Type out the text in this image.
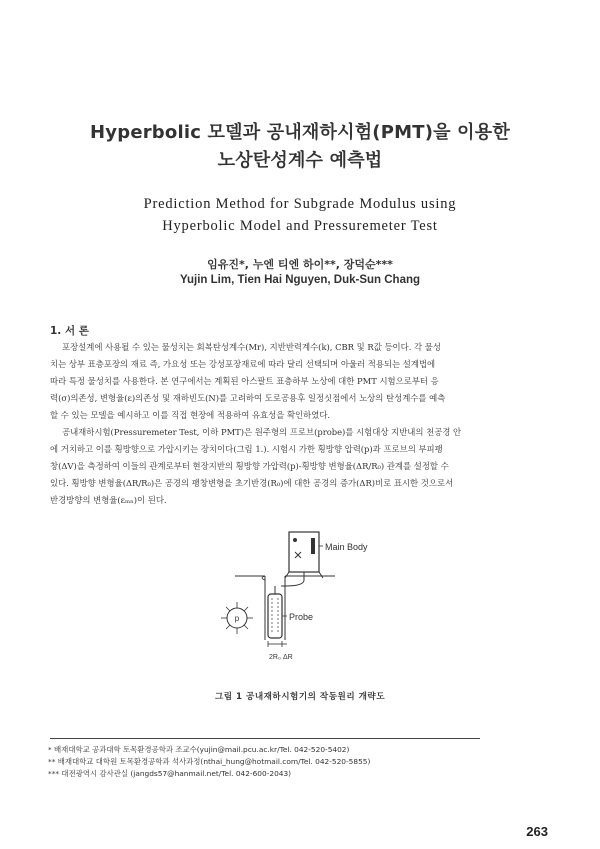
Hyperbolic 모델과 공내재하시험(PMT)을 이용한
노상탄성계수 예측법
Prediction Method for Subgrade Modulus using
Hyperbolic Model and Pressuremeter Test
임유진*, 누엔 티엔 하이**, 장덕순***
Yujin Lim, Tien Hai Nguyen, Duk-Sun Chang
1. 서 론
포장설계에 사용될 수 있는 물성치는 회복탄성계수(Mr), 지반반력계수(k), CBR 및 R값 등이다. 각 물성
치는 상부 표층포장의 재료 즉, 가요성 또는 강성포장재료에 따라 달리 선택되며 아울러 적용되는 설계법에
따라 특정 물성치를 사용한다. 본 연구에서는 계획된 아스팔트 표층하부 노상에 대한 PMT 시험으로부터 응
력(σ)의존성, 변형율(ε)의존성 및 재하빈도(N)를 고려하여 도로공용후 일정싯점에서 노상의 탄성계수를 예측
할 수 있는 모델을 예시하고 이를 직접 현장에 적용하여 유효성을 확인하였다.
공내재하시험(Pressuremeter Test, 이하 PMT)은 원주형의 프로브(probe)를 시험대상 지반내의 천공경 안
에 거치하고 이를 횡방향으로 가압시키는 장치이다(그림 1.). 시험시 가한 횡방향 압력(p)과 프로브의 부피팽
창(ΔV)을 측정하여 이들의 관계로부터 현장지반의 횡방향 가압력(p)-횡방향 변형율(ΔR/R₀) 관계를 설정할 수
있다. 횡방향 변형율(ΔR/R₀)은 공경의 팽창변형을 초기반경(R₀)에 대한 공경의 증가(ΔR)비로 표시한 것으로서
반경방향의 변형율(εₘₙ)이 된다.
p
2R₀ ΔR
Main Body
Probe
그림 1 공내재하시험기의 작동원리 개략도
* 배재대학교 공과대학 토목환경공학과 조교수(yujin@mail.pcu.ac.kr/Tel. 042-520-5402)
** 배재대학교 대학원 토목환경공학과 석사과정(nthai_hung@hotmail.com/Tel. 042-520-5855)
*** 대전광역시 감사관실 (jangds57@hanmail.net/Tel. 042-600-2043)
263
